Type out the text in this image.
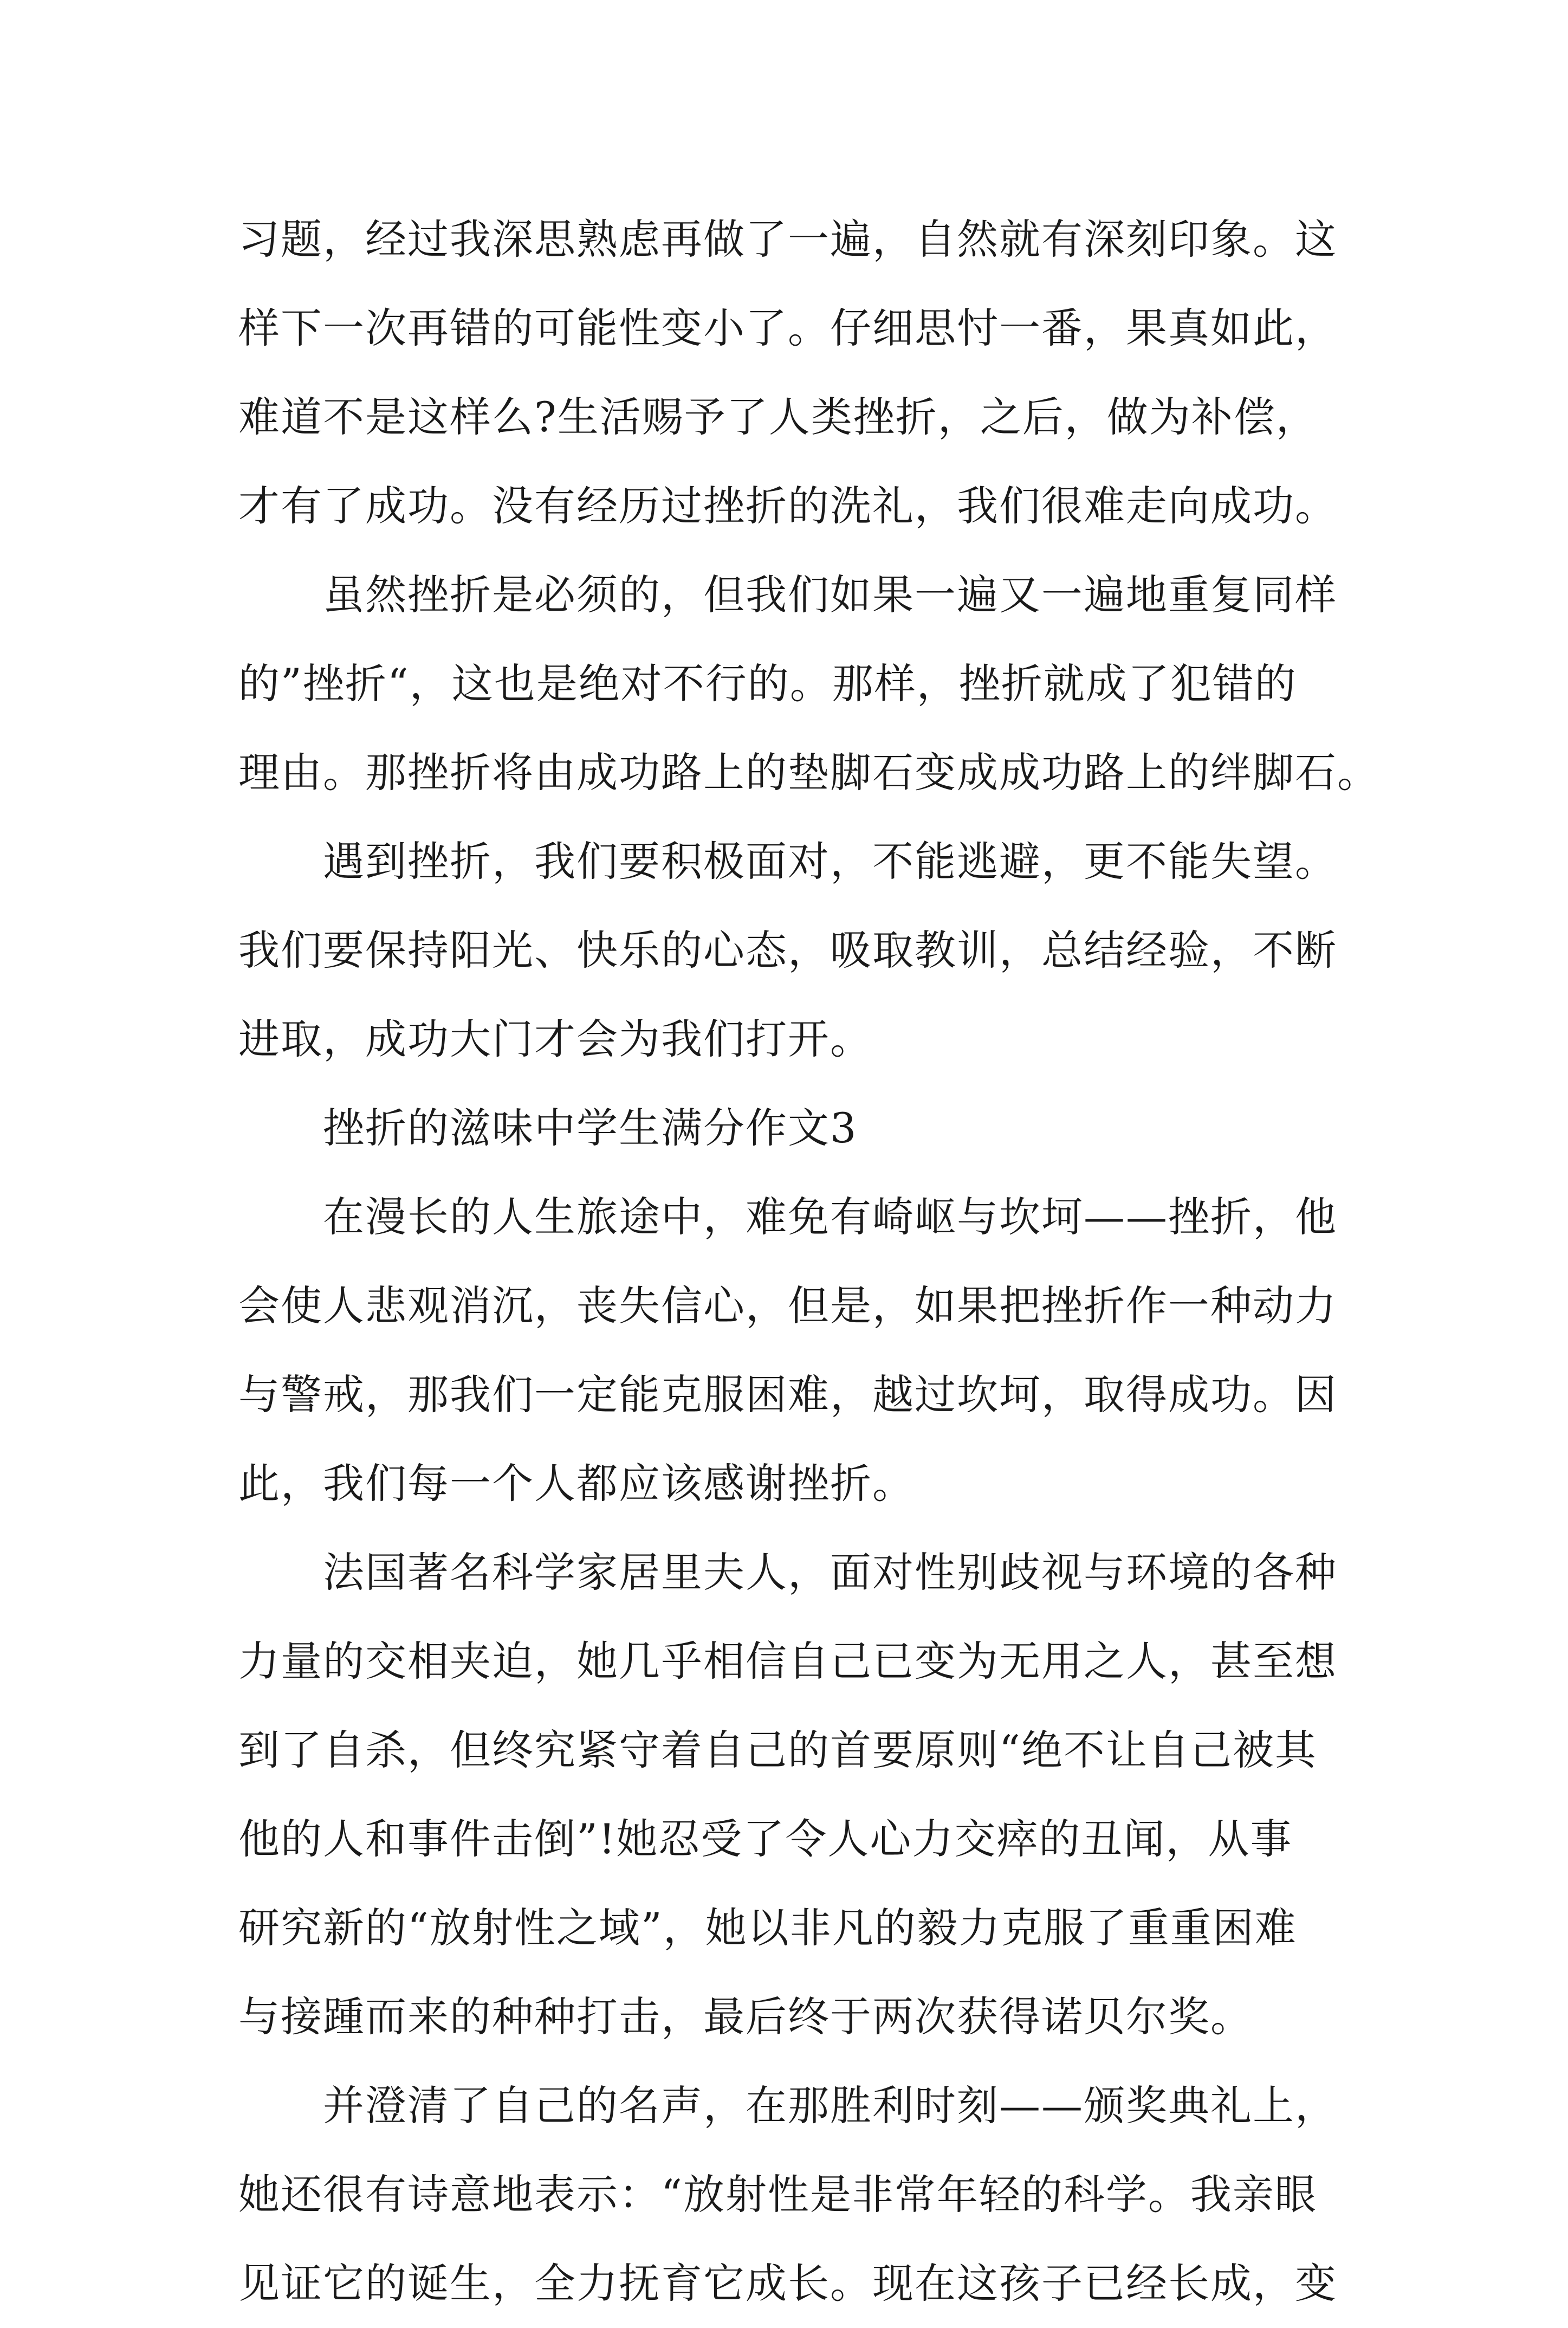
习题，经过我深思熟虑再做了一遍，自然就有深刻印象。这
样下一次再错的可能性变小了。仔细思忖一番，果真如此，
难道不是这样么?生活赐予了人类挫折，之后，做为补偿，
才有了成功。没有经历过挫折的洗礼，我们很难走向成功。
虽然挫折是必须的，但我们如果一遍又一遍地重复同样
的”挫折“，这也是绝对不行的。那样，挫折就成了犯错的
理由。那挫折将由成功路上的垫脚石变成成功路上的绊脚石。
遇到挫折，我们要积极面对，不能逃避，更不能失望。
我们要保持阳光、快乐的心态，吸取教训，总结经验，不断
进取，成功大门才会为我们打开。
挫折的滋味中学生满分作文3
在漫长的人生旅途中，难免有崎岖与坎坷——挫折，他
会使人悲观消沉，丧失信心，但是，如果把挫折作一种动力
与警戒，那我们一定能克服困难，越过坎坷，取得成功。因
此，我们每一个人都应该感谢挫折。
法国著名科学家居里夫人，面对性别歧视与环境的各种
力量的交相夹迫，她几乎相信自己已变为无用之人，甚至想
到了自杀，但终究紧守着自己的首要原则“绝不让自己被其
他的人和事件击倒”!她忍受了令人心力交瘁的丑闻，从事
研究新的“放射性之域”，她以非凡的毅力克服了重重困难
与接踵而来的种种打击，最后终于两次获得诺贝尔奖。
并澄清了自己的名声，在那胜利时刻——颁奖典礼上，
她还很有诗意地表示：“放射性是非常年轻的科学。我亲眼
见证它的诞生，全力抚育它成长。现在这孩子已经长成，变
